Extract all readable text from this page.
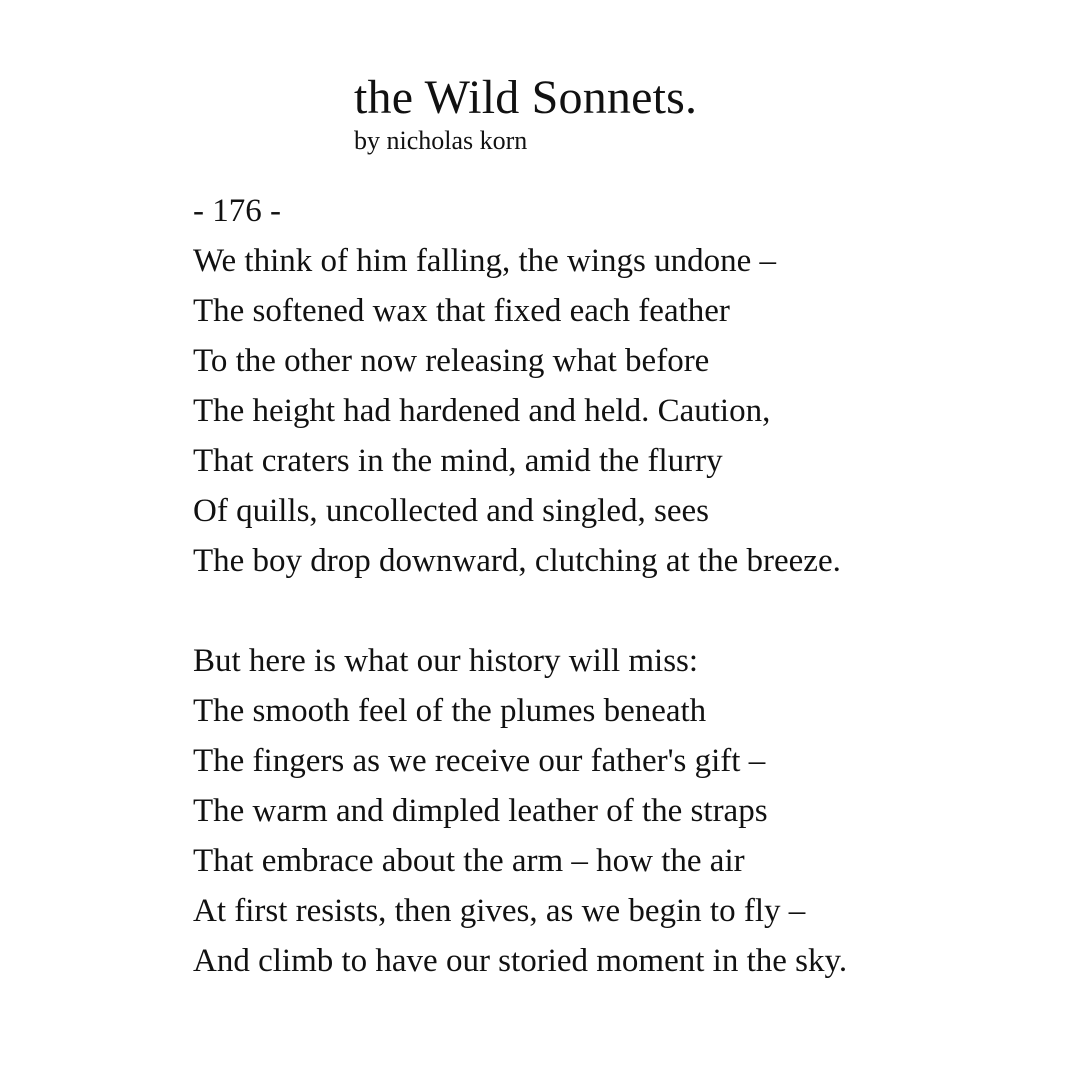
the Wild Sonnets.

by nicholas korn

- 176 -

We think of him falling, the wings undone –

The softened wax that fixed each feather

To the other now releasing what before

The height had hardened and held. Caution,

That craters in the mind, amid the flurry

Of quills, uncollected and singled, sees

The boy drop downward, clutching at the breeze.

But here is what our history will miss:

The smooth feel of the plumes beneath

The fingers as we receive our father's gift –

The warm and dimpled leather of the straps

That embrace about the arm – how the air

At first resists, then gives, as we begin to fly –

And climb to have our storied moment in the sky.
